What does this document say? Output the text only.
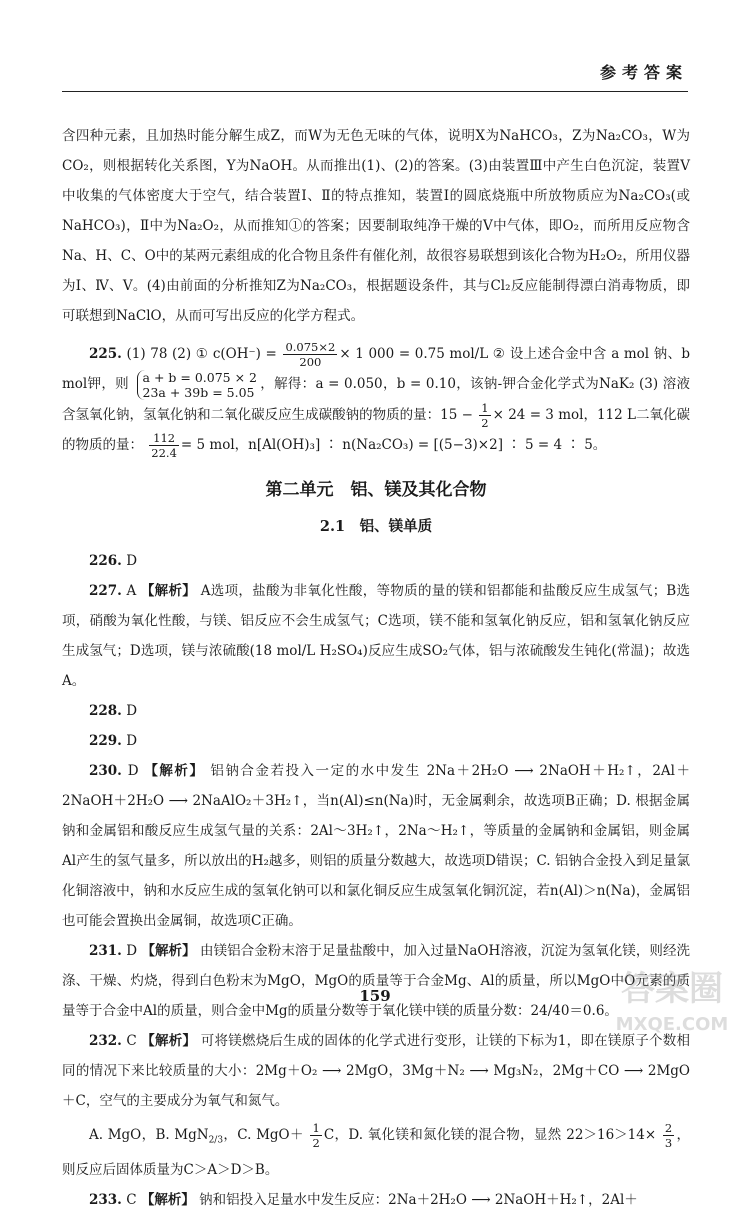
参考答案

含四种元素，且加热时能分解生成Z，而W为无色无味的气体，说明X为NaHCO₃，Z为Na₂CO₃，W为CO₂，则根据转化关系图，Y为NaOH。从而推出(1)、(2)的答案。(3)由装置Ⅲ中产生白色沉淀，装置Ⅴ中收集的气体密度大于空气，结合装置Ⅰ、Ⅱ的特点推知，装置Ⅰ的圆底烧瓶中所放物质应为Na₂CO₃(或NaHCO₃)，Ⅱ中为Na₂O₂，从而推知①的答案；因要制取纯净干燥的Ⅴ中气体，即O₂，而所用反应物含Na、H、C、O中的某两元素组成的化合物且条件有催化剂，故很容易联想到该化合物为H₂O₂，所用仪器为Ⅰ、Ⅳ、Ⅴ。(4)由前面的分析推知Z为Na₂CO₃，根据题设条件，其与Cl₂反应能制得漂白消毒物质，即可联想到NaClO，从而可写出反应的化学方程式。

225. (1) 78 (2) ① $c(OH^-) = \frac{0.075\times 2}{200} \times 1$ 000 = 0.75 mol/L ② 设上述合金中含 a mol 钠、b mol钾，则 a + b = 0.075 × 2
23a + 39b = 5.05 ，解得：a = 0.050，b = 0.10，该钠-钾合金化学式为NaK₂ (3) 溶液含氢氧化钠，氢氧化钠和二氧化碳反应生成碳酸钠的物质的量：$15 - \frac{1}{2} \times 24 = 3$ mol，112 L二氧化碳的物质的量： $\frac{112}{22.4} = 5$ mol，n[Al(OH)₃] ∶ n(Na₂CO₃) = [(5−3)×2] ∶ 5 = 4 ∶ 5。

第二单元　铝、镁及其化合物
2.1　铝、镁单质

226. D

227. A 【解析】 A选项，盐酸为非氧化性酸，等物质的量的镁和铝都能和盐酸反应生成氢气；B选项，硝酸为氧化性酸，与镁、铝反应不会生成氢气；C选项，镁不能和氢氧化钠反应，铝和氢氧化钠反应生成氢气；D选项，镁与浓硫酸(18 mol/L H₂SO₄)反应生成SO₂气体，铝与浓硫酸发生钝化(常温)；故选A。

228. D

229. D

230. D 【解析】 铝钠合金若投入一定的水中发生 2Na＋2H₂O ⟶ 2NaOH＋H₂↑，2Al＋2NaOH＋2H₂O ⟶ 2NaAlO₂＋3H₂↑，当n(Al)≤n(Na)时，无金属剩余，故选项B正确；D. 根据金属钠和金属铝和酸反应生成氢气量的关系：2Al～3H₂↑，2Na～H₂↑，等质量的金属钠和金属铝，则金属Al产生的氢气量多，所以放出的H₂越多，则铝的质量分数越大，故选项D错误；C. 铝钠合金投入到足量氯化铜溶液中，钠和水反应生成的氢氧化钠可以和氯化铜反应生成氢氧化铜沉淀，若n(Al)＞n(Na)，金属铝也可能会置换出金属铜，故选项C正确。

231. D 【解析】 由镁铝合金粉末溶于足量盐酸中，加入过量NaOH溶液，沉淀为氢氧化镁，则经洗涤、干燥、灼烧，得到白色粉末为MgO，MgO的质量等于合金Mg、Al的质量，所以MgO中O元素的质量等于合金中Al的质量，则合金中Mg的质量分数等于氧化镁中镁的质量分数：24/40＝0.6。

232. C 【解析】 可将镁燃烧后生成的固体的化学式进行变形，让镁的下标为1，即在镁原子个数相同的情况下来比较质量的大小：2Mg＋O₂ ⟶ 2MgO，3Mg＋N₂ ⟶ Mg₃N₂，2Mg＋CO ⟶ 2MgO＋C，空气的主要成分为氧气和氮气。

A. MgO，B. MgN$_{2/3}$，C. $MgO+ \frac{1}{2}$ C，D. 氧化镁和氮化镁的混合物，显然 $22>16>14\times \frac{2}{3}$ ，则反应后固体质量为C＞A＞D＞B。

233. C 【解析】 钠和铝投入足量水中发生反应：2Na＋2H₂O ⟶ 2NaOH＋H₂↑，2Al＋

159	答案圈
MXQE.COM
